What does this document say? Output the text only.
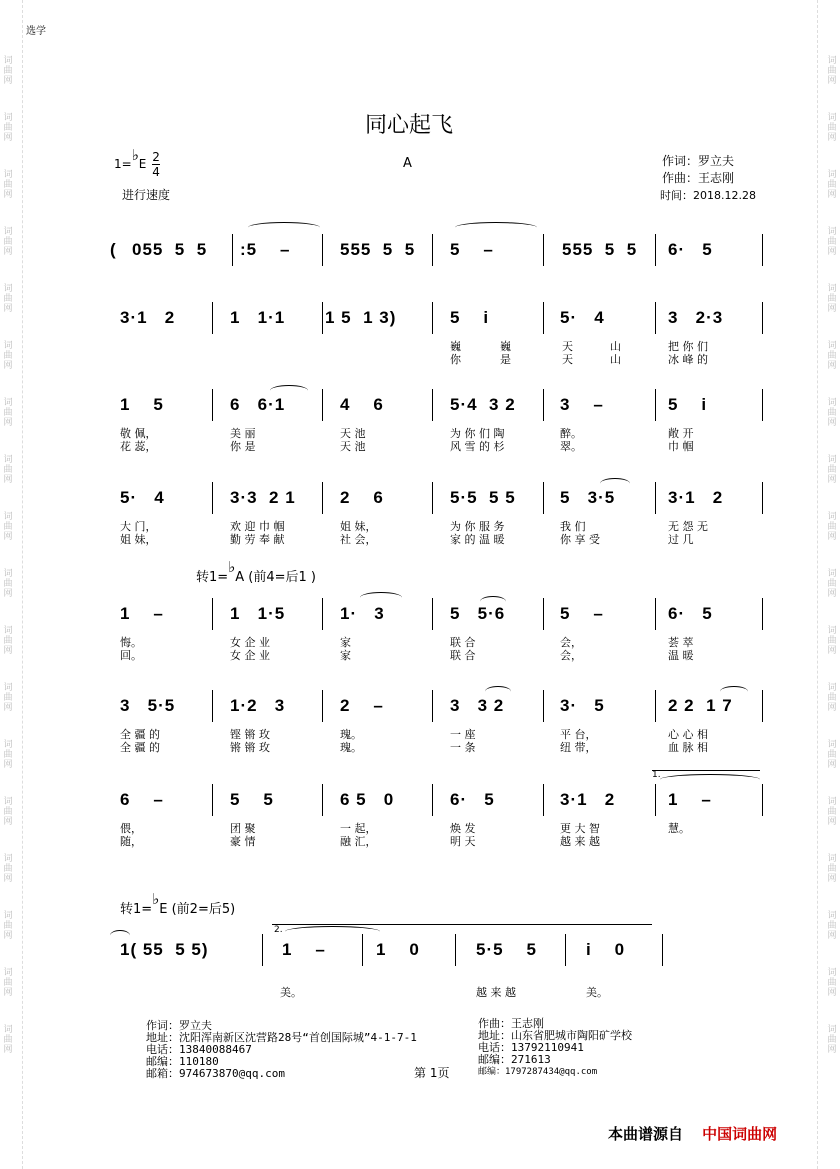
词
曲
网
词
曲
网
词
曲
网
词
曲
网
词
曲
网
词
曲
网
词
曲
网
词
曲
网
词
曲
网
词
曲
网
词
曲
网
词
曲
网
词
曲
网
词
曲
网
词
曲
网
词
曲
网
词
曲
网
词
曲
网
词
曲
网
词
曲
网
词
曲
网
词
曲
网
词
曲
网
词
曲
网
词
曲
网
词
曲
网
词
曲
网
词
曲
网
词
曲
网
词
曲
网
词
曲
网
词
曲
网
词
曲
网
词
曲
网
词
曲
网
词
曲
网
选学
同心起飞
1=♭E $\frac{2}{4}$
进行速度
A	作词：罗立夫
作曲：王志刚
时间：2018.12.28
( 055  5  5 :5    –	555  5  5 5    –	555  5  5 6·   5
3·1   2	1   1·1 1 5  1 3)	5    i	5·   4	3   2·3
巍	巍	天	山	把 你 们
你	是	天	山	冰 峰 的
1    5	6   6·1	4    6	5·4  3 2	3    –	5    i
敬 佩，	美 丽	天 池	为 你 们 陶	醉。	敞 开
花 蕊，	你 是	天 池	风 雪 的 杉	翠。	巾 帼
5·   4	3·3  2 1	2    6	5·5  5 5	5   3·5	3·1   2
大 门，	欢 迎 巾 帼	姐 妹，	为 你 服 务	我 们	无 怨 无
姐 妹，	勤 劳 奉 献	社 会，	家 的 温 暖	你 享 受	过 几
1    –	1   1·5	1·   3	5   5·6	5    –	6·   5
悔。	女 企 业	家	联 合	会，	荟 萃
回。	女 企 业	家	联 合	会，	温 暖
3   5·5	1·2   3	2    –	3   3 2	3·   5	2 2  1 7
全 疆 的	铿 锵 玫	瑰。	一 座	平 台，	心 心 相
全 疆 的	锵 锵 玫	瑰。	一 条	纽 带，	血 脉 相
6    –	5    5	6 5   0	6·   5	3·1   2	1    –
偎，	团 聚	一 起，	焕 发	更 大 智	慧。
随，	豪 情	融 汇，	明 天	越 来 越
1( 55  5 5)	1    –	1    0	5·5    5	i    0
美。	越 来 越	美。
转1=♭A (前4=后1 )
转1=♭E (前2=后5)
1.
2.
作词：罗立夫
地址：沈阳浑南新区沈营路28号“首创国际城”4-1-7-1
电话：13840088467
邮编：110180
邮箱：974673870@qq.com
作曲：王志刚
地址：山东省肥城市陶阳矿学校
电话：13792110941
邮编：271613
邮编：1797287434@qq.com
第 1页
本曲谱源自 中国词曲网
